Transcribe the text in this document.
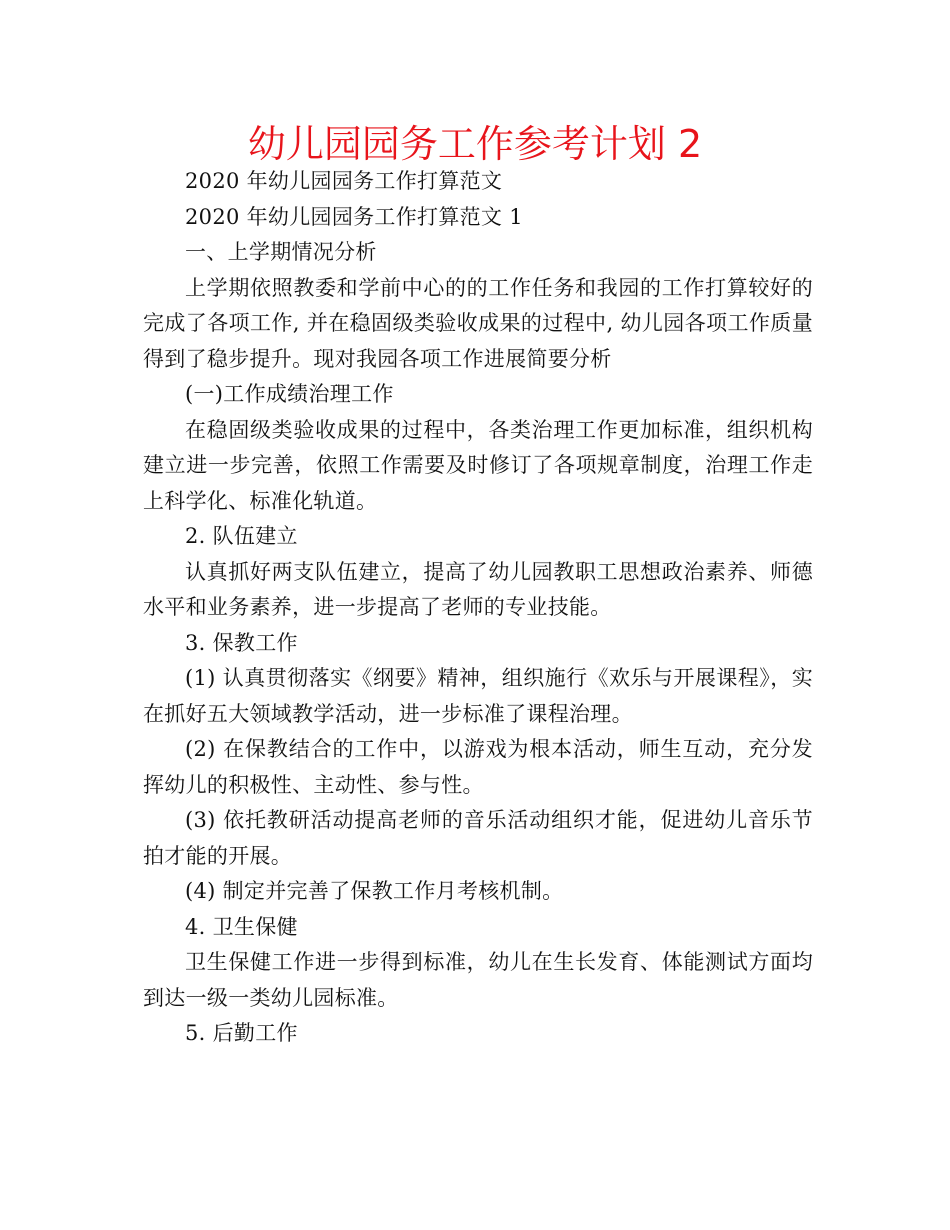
幼儿园园务工作参考计划 2

2020 年幼儿园园务工作打算范文

2020 年幼儿园园务工作打算范文 1

一、上学期情况分析

上学期依照教委和学前中心的的工作任务和我园的工作打算较好的完成了各项工作, 并在稳固级类验收成果的过程中, 幼儿园各项工作质量得到了稳步提升。现对我园各项工作进展简要分析

(一)工作成绩治理工作

在稳固级类验收成果的过程中，各类治理工作更加标准，组织机构建立进一步完善，依照工作需要及时修订了各项规章制度，治理工作走上科学化、标准化轨道。

2. 队伍建立

认真抓好两支队伍建立，提高了幼儿园教职工思想政治素养、师德水平和业务素养，进一步提高了老师的专业技能。

3. 保教工作

(1) 认真贯彻落实《纲要》精神，组织施行《欢乐与开展课程》，实在抓好五大领域教学活动，进一步标准了课程治理。

(2) 在保教结合的工作中，以游戏为根本活动，师生互动，充分发挥幼儿的积极性、主动性、参与性。

(3) 依托教研活动提高老师的音乐活动组织才能，促进幼儿音乐节拍才能的开展。

(4) 制定并完善了保教工作月考核机制。

4. 卫生保健

卫生保健工作进一步得到标准，幼儿在生长发育、体能测试方面均到达一级一类幼儿园标准。

5. 后勤工作
